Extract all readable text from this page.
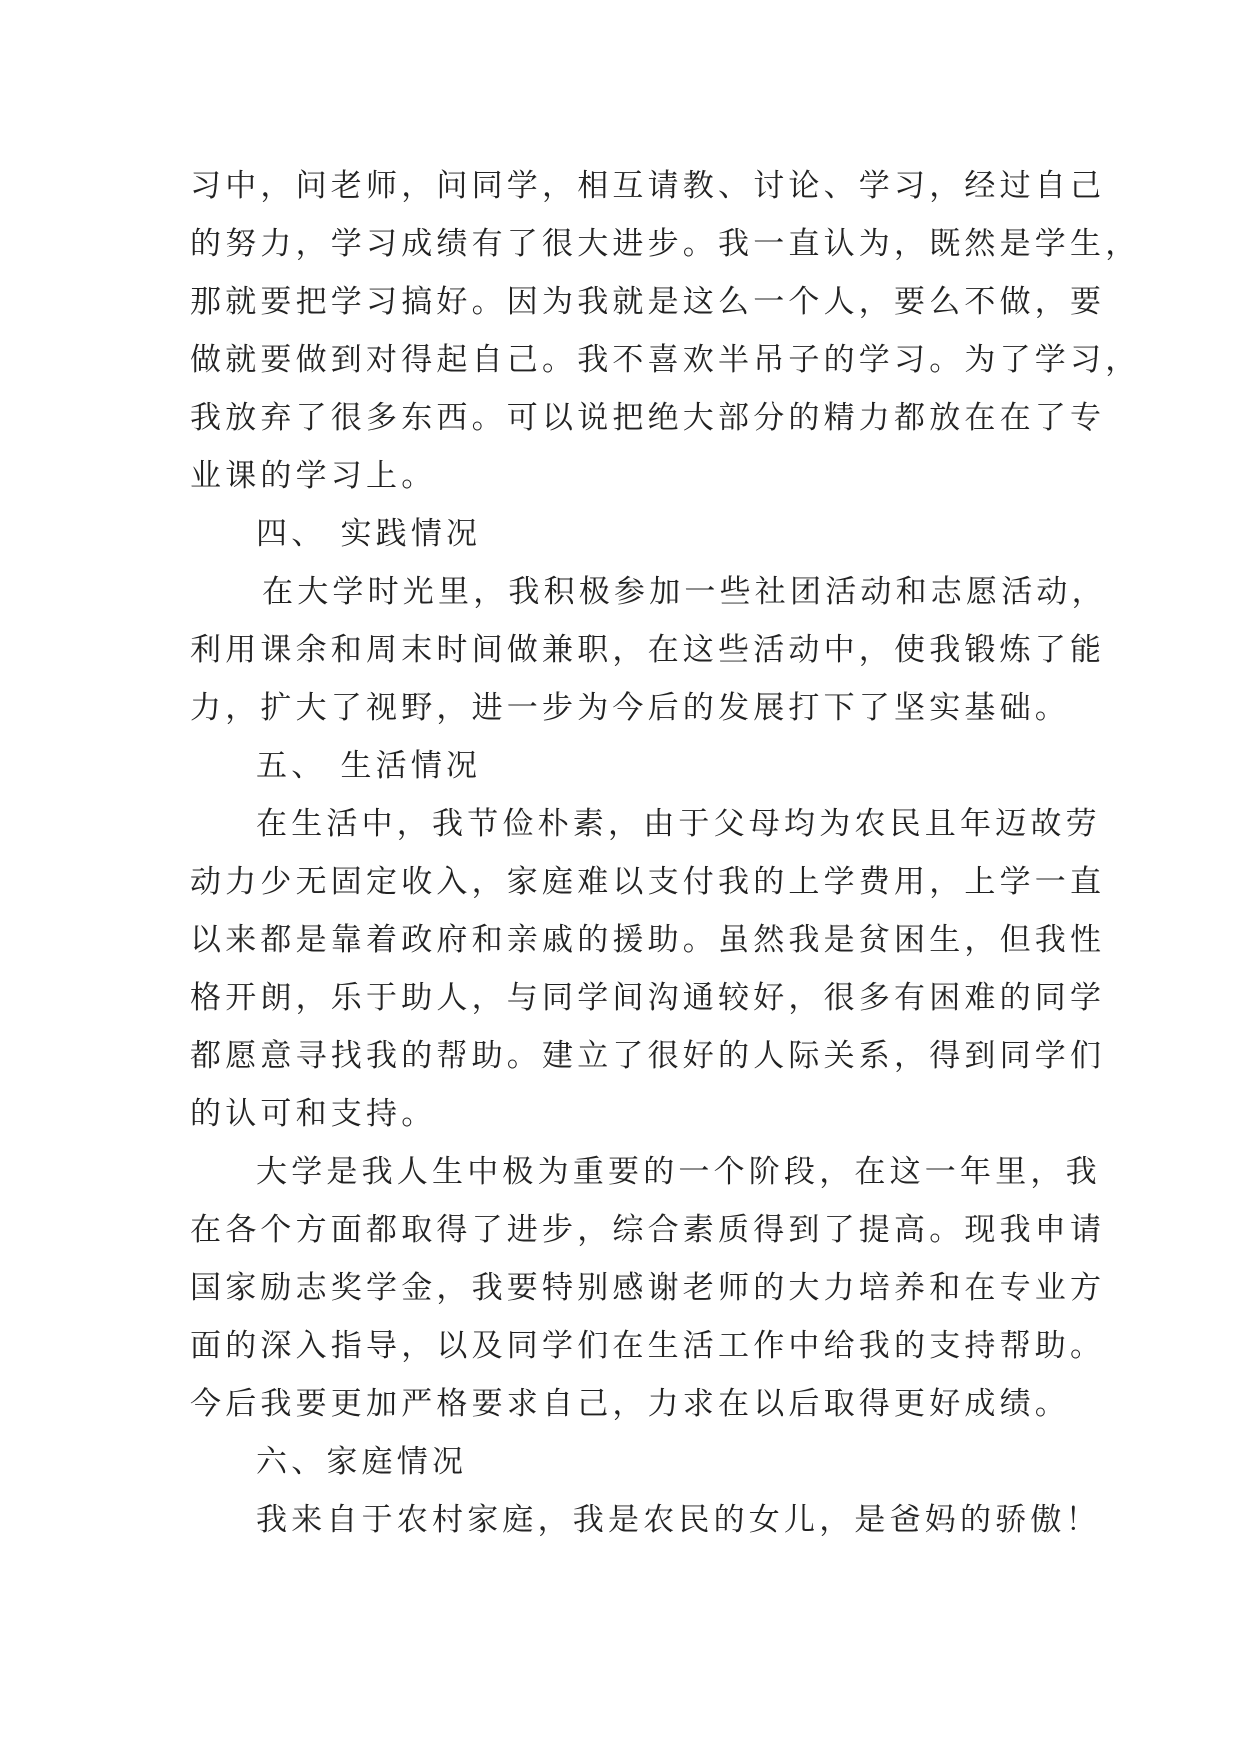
习中，问老师，问同学，相互请教、讨论、学习，经过自己
的努力，学习成绩有了很大进步。我一直认为，既然是学生，
那就要把学习搞好。因为我就是这么一个人，要么不做，要
做就要做到对得起自己。我不喜欢半吊子的学习。为了学习，
我放弃了很多东西。可以说把绝大部分的精力都放在在了专
业课的学习上。
四、 实践情况
在大学时光里，我积极参加一些社团活动和志愿活动，
利用课余和周末时间做兼职，在这些活动中，使我锻炼了能
力，扩大了视野，进一步为今后的发展打下了坚实基础。
五、 生活情况
在生活中，我节俭朴素，由于父母均为农民且年迈故劳
动力少无固定收入，家庭难以支付我的上学费用，上学一直
以来都是靠着政府和亲戚的援助。虽然我是贫困生，但我性
格开朗，乐于助人，与同学间沟通较好，很多有困难的同学
都愿意寻找我的帮助。建立了很好的人际关系，得到同学们
的认可和支持。
大学是我人生中极为重要的一个阶段，在这一年里，我
在各个方面都取得了进步，综合素质得到了提高。现我申请
国家励志奖学金，我要特别感谢老师的大力培养和在专业方
面的深入指导，以及同学们在生活工作中给我的支持帮助。
今后我要更加严格要求自己，力求在以后取得更好成绩。
六、家庭情况
我来自于农村家庭，我是农民的女儿，是爸妈的骄傲！
